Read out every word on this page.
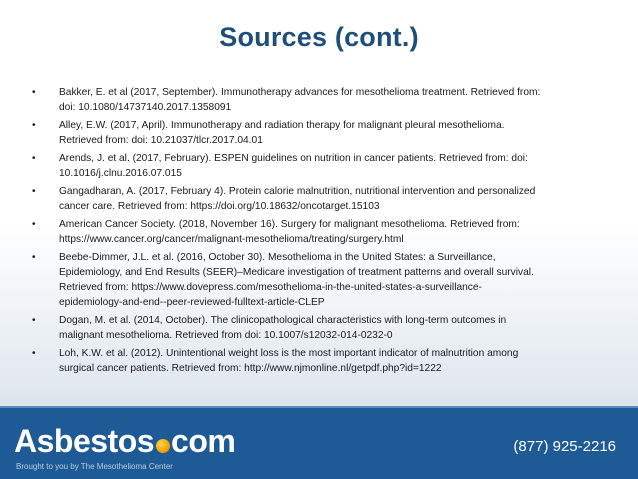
Sources (cont.)
• Bakker, E. et al (2017, September). Immunotherapy advances for mesothelioma treatment. Retrieved from:
doi: 10.1080/14737140.2017.1358091
• Alley, E.W. (2017, April). Immunotherapy and radiation therapy for malignant pleural mesothelioma.
Retrieved from: doi: 10.21037/tlcr.2017.04.01
• Arends, J. et al. (2017, February). ESPEN guidelines on nutrition in cancer patients. Retrieved from: doi:
10.1016/j.clnu.2016.07.015
• Gangadharan, A. (2017, February 4). Protein calorie malnutrition, nutritional intervention and personalized
cancer care. Retrieved from: https://doi.org/10.18632/oncotarget.15103
• American Cancer Society. (2018, November 16). Surgery for malignant mesothelioma. Retrieved from:
https://www.cancer.org/cancer/malignant-mesothelioma/treating/surgery.html
• Beebe-Dimmer, J.L. et al. (2016, October 30). Mesothelioma in the United States: a Surveillance,
Epidemiology, and End Results (SEER)–Medicare investigation of treatment patterns and overall survival.
Retrieved from: https://www.dovepress.com/mesothelioma-in-the-united-states-a-surveillance-
epidemiology-and-end--peer-reviewed-fulltext-article-CLEP
• Dogan, M. et al. (2014, October). The clinicopathological characteristics with long-term outcomes in
malignant mesothelioma. Retrieved from doi: 10.1007/s12032-014-0232-0
• Loh, K.W. et al. (2012). Unintentional weight loss is the most important indicator of malnutrition among
surgical cancer patients. Retrieved from: http://www.njmonline.nl/getpdf.php?id=1222
Asbestos com
Brought to you by The Mesothelioma Center
(877) 925-2216
